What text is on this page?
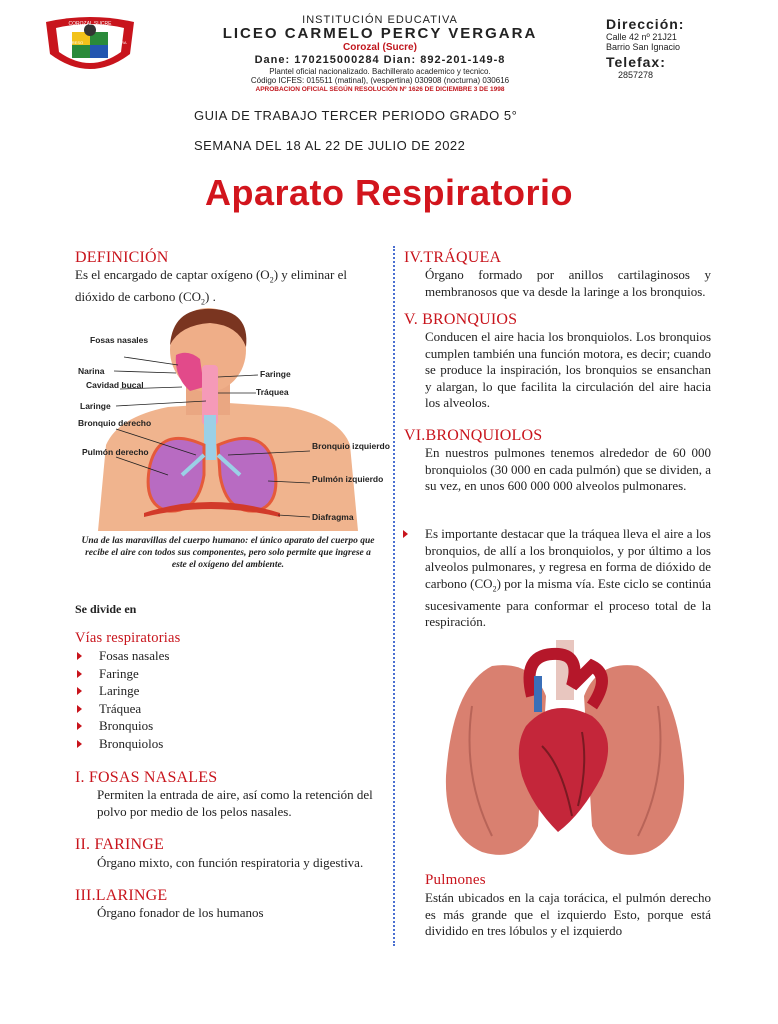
COROZAL SUCRE
PROGRESO	CULTURA
INSTITUCIÓN EDUCATIVA
LICEO CARMELO PERCY VERGARA
Corozal (Sucre)
Dane: 170215000284 Dian: 892-201-149-8
Plantel oficial nacionalizado. Bachillerato academico y tecnico.
Código ICFES: 015511 (matinal), (vespertina) 030908 (nocturna) 030616
APROBACION OFICIAL SEGÚN RESOLUCIÓN Nº 1626 DE DICIEMBRE 3 DE 1998
Dirección:
Calle 42 nº 21J21
Barrio San Ignacio
Telefax:
2857278
GUIA DE TRABAJO TERCER PERIODO GRADO 5°
SEMANA DEL 18 AL 22 DE JULIO DE 2022
Aparato Respiratorio
DEFINICIÓN
Es el encargado de captar oxígeno $(O_2)$ y eliminar el dióxido de carbono $(CO_2)$ .
Fosas nasales
Narina
Cavidad bucal
Laringe
Bronquio derecho
Pulmón derecho
Faringe
Tráquea
Bronquio izquierdo
Pulmón izquierdo
Diafragma
Una de las maravillas del cuerpo humano: el único aparato del cuerpo que recibe el aire con todos sus componentes, pero solo permite que ingrese a este el oxígeno del ambiente.
Se divide en
Vías respiratorias
Fosas nasales
Faringe
Laringe
Tráquea
Bronquios
Bronquiolos
I. FOSAS NASALES
Permiten la entrada de aire, así como la retención del polvo por medio de los pelos nasales.
II. FARINGE
Órgano mixto, con función respiratoria y digestiva.
III.LARINGE
Órgano fonador de los humanos
IV.TRÁQUEA
Órgano formado por anillos cartilaginosos y membranosos que va desde la laringe a los bronquios.
V. BRONQUIOS
Conducen el aire hacia los bronquiolos. Los bronquios cumplen también una función motora, es decir; cuando se produce la inspiración, los bronquios se ensanchan y alargan, lo que facilita la circulación del aire hacia los alveolos.
VI.BRONQUIOLOS
En nuestros pulmones tenemos alrededor de 60 000 bronquiolos (30 000 en cada pulmón) que se dividen, a su vez, en unos 600 000 000 alveolos pulmonares.
Es importante destacar que la tráquea lleva el aire a los bronquios, de allí a los bronquiolos, y por último a los alveolos pulmonares, y regresa en forma de dióxido de carbono $(CO_2)$ por la misma vía. Este ciclo se continúa sucesivamente para conformar el proceso total de la respiración.
Pulmones
Están ubicados en la caja torácica, el pulmón derecho es más grande que el izquierdo Esto, porque está dividido en tres lóbulos y el izquierdo
